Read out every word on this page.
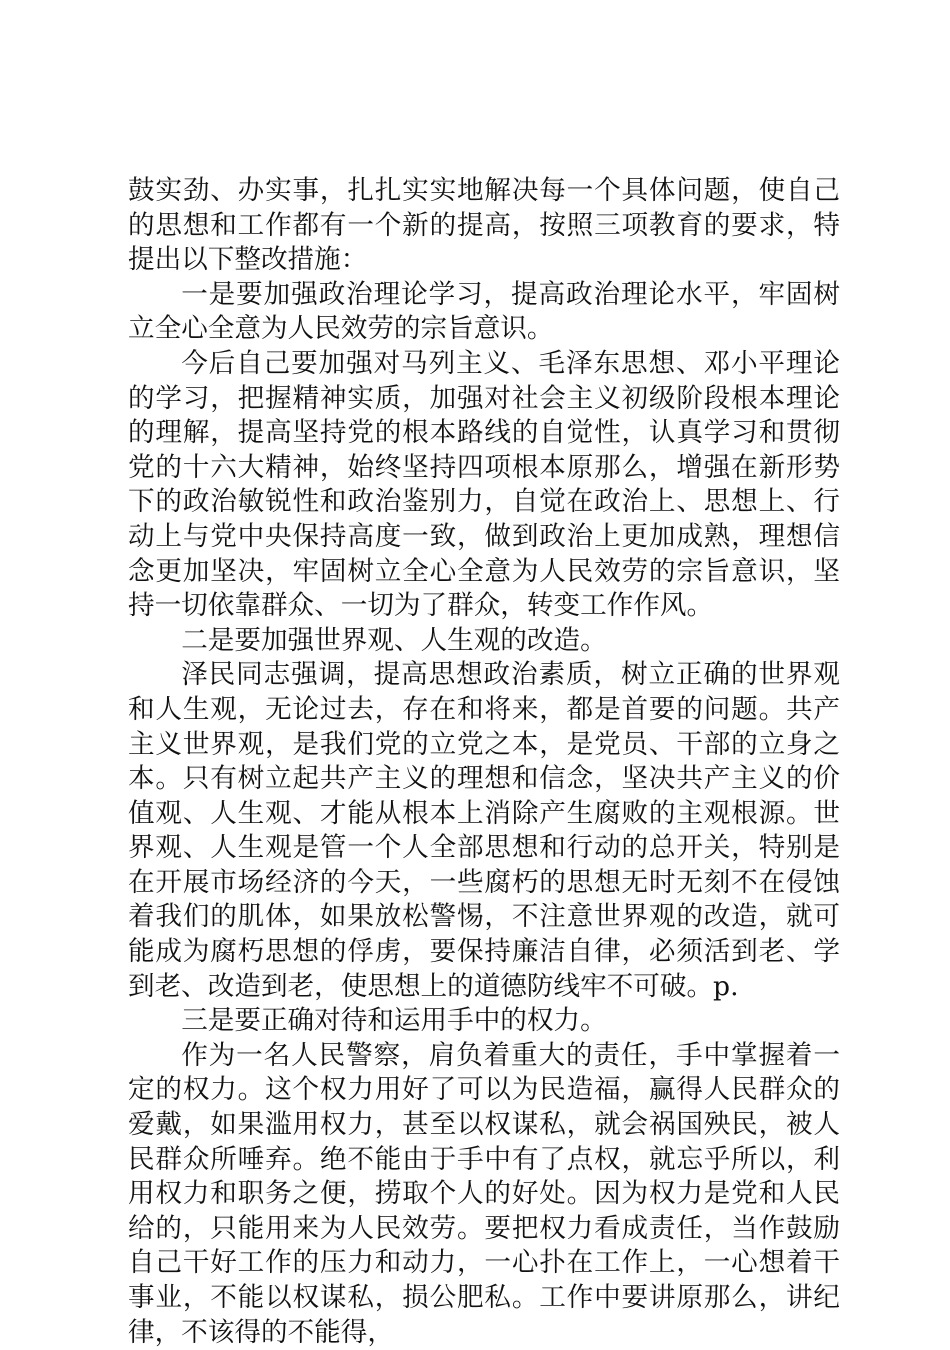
鼓实劲、办实事，扎扎实实地解决每一个具体问题，使自己的思想和工作都有一个新的提高，按照三项教育的要求，特提出以下整改措施：

一是要加强政治理论学习，提高政治理论水平，牢固树立全心全意为人民效劳的宗旨意识。

今后自己要加强对马列主义、毛泽东思想、邓小平理论的学习，把握精神实质，加强对社会主义初级阶段根本理论的理解，提高坚持党的根本路线的自觉性，认真学习和贯彻党的十六大精神，始终坚持四项根本原那么，增强在新形势下的政治敏锐性和政治鉴别力，自觉在政治上、思想上、行动上与党中央保持高度一致，做到政治上更加成熟，理想信念更加坚决，牢固树立全心全意为人民效劳的宗旨意识，坚持一切依靠群众、一切为了群众，转变工作作风。

二是要加强世界观、人生观的改造。

泽民同志强调，提高思想政治素质，树立正确的世界观和人生观，无论过去，存在和将来，都是首要的问题。共产主义世界观，是我们党的立党之本，是党员、干部的立身之本。只有树立起共产主义的理想和信念，坚决共产主义的价值观、人生观、才能从根本上消除产生腐败的主观根源。世界观、人生观是管一个人全部思想和行动的总开关，特别是在开展市场经济的今天，一些腐朽的思想无时无刻不在侵蚀着我们的肌体，如果放松警惕，不注意世界观的改造，就可能成为腐朽思想的俘虏，要保持廉洁自律，必须活到老、学到老、改造到老，使思想上的道德防线牢不可破。p.

三是要正确对待和运用手中的权力。

作为一名人民警察，肩负着重大的责任，手中掌握着一定的权力。这个权力用好了可以为民造福，赢得人民群众的爱戴，如果滥用权力，甚至以权谋私，就会祸国殃民，被人民群众所唾弃。绝不能由于手中有了点权，就忘乎所以，利用权力和职务之便，捞取个人的好处。因为权力是党和人民给的，只能用来为人民效劳。要把权力看成责任，当作鼓励自己干好工作的压力和动力，一心扑在工作上，一心想着干事业，不能以权谋私，损公肥私。工作中要讲原那么，讲纪律，不该得的不能得，
